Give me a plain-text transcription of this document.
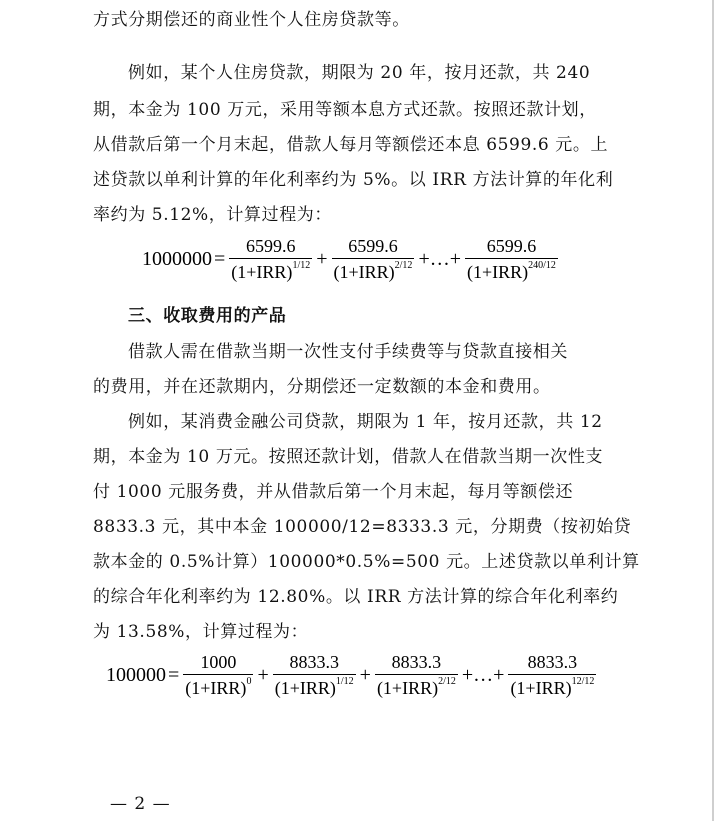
方式分期偿还的商业性个人住房贷款等。
例如，某个人住房贷款，期限为 20 年，按月还款，共 240
期，本金为 100 万元，采用等额本息方式还款。按照还款计划，
从借款后第一个月末起，借款人每月等额偿还本息 6599.6 元。上
述贷款以单利计算的年化利率约为 5%。以 IRR 方法计算的年化利
率约为 5.12%，计算过程为：
$1000000 = \frac{6599.6}{(1+IRR)^{1/12}} + \frac{6599.6}{(1+IRR)^{2/12}}$ +…+ $\frac{6599.6}{(1+IRR)^{240/12}}$
三、收取费用的产品
借款人需在借款当期一次性支付手续费等与贷款直接相关
的费用，并在还款期内，分期偿还一定数额的本金和费用。
例如，某消费金融公司贷款，期限为 1 年，按月还款，共 12
期，本金为 10 万元。按照还款计划，借款人在借款当期一次性支
付 1000 元服务费，并从借款后第一个月末起，每月等额偿还
8833.3 元，其中本金 100000/12=8333.3 元，分期费（按初始贷
款本金的 0.5%计算）100000*0.5%=500 元。上述贷款以单利计算
的综合年化利率约为 12.80%。以 IRR 方法计算的综合年化利率约
为 13.58%，计算过程为：
$100000 = \frac{1000}{(1+IRR)^0} + \frac{8833.3}{(1+IRR)^{1/12}} + \frac{8833.3}{(1+IRR)^{2/12}}$ +…+ $\frac{8833.3}{(1+IRR)^{12/12}}$
— 2 —
